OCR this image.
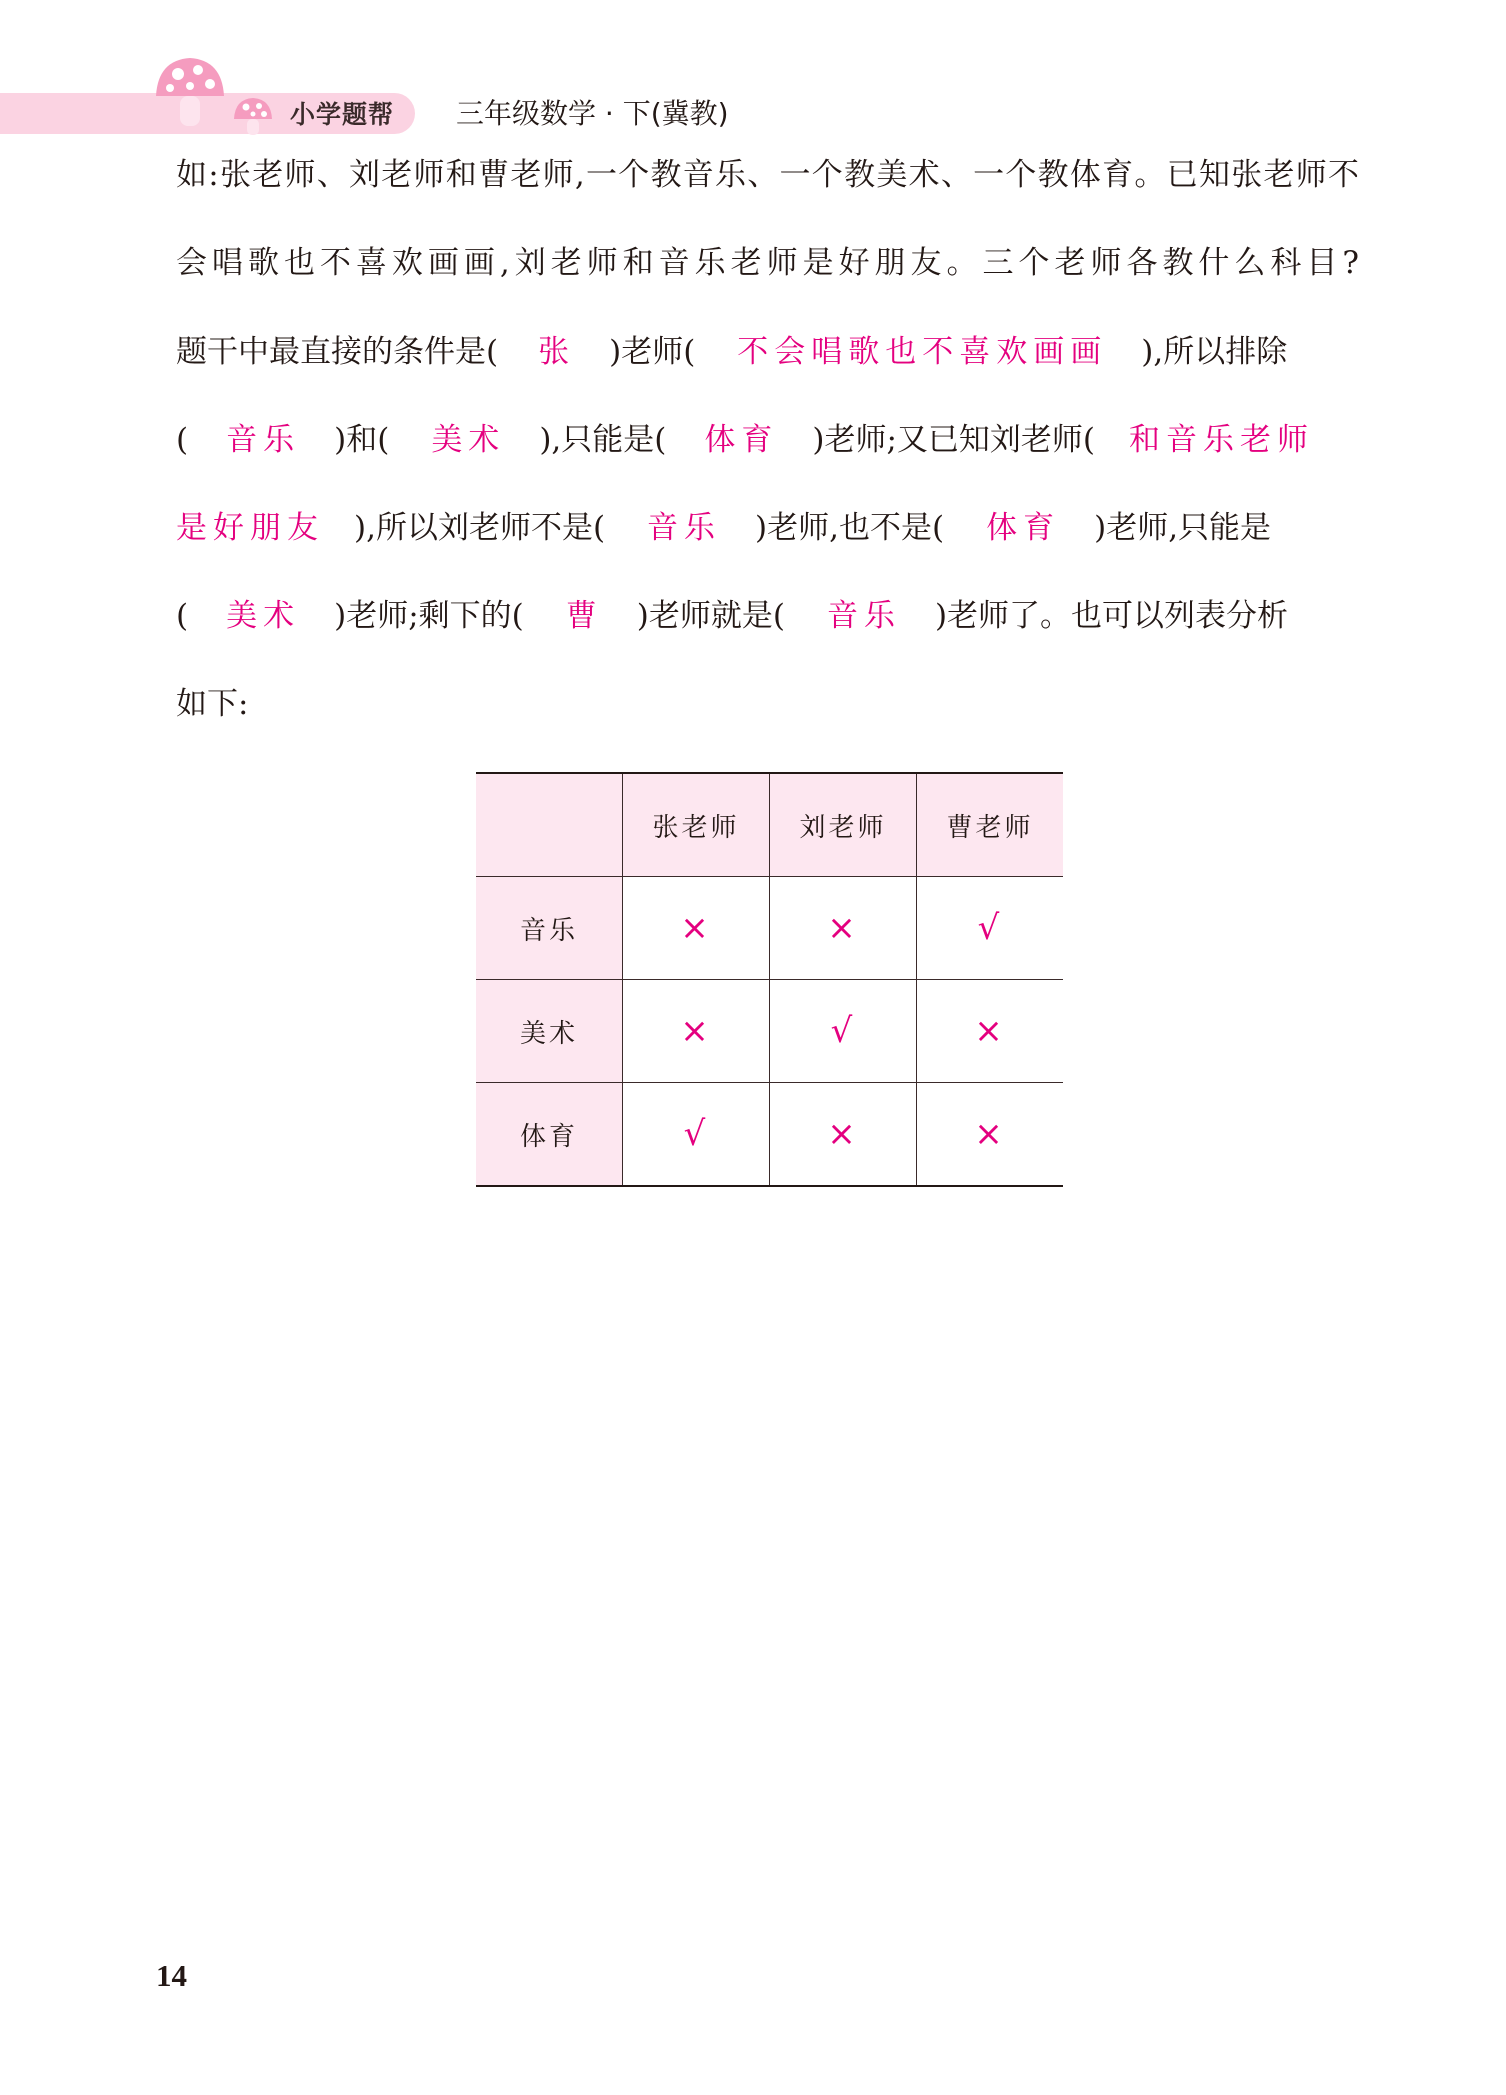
小学题帮 三年级数学 · 下(冀教)
如:张老师、刘老师和曹老师,一个教音乐、一个教美术、一个教体育。已知张老师不
会唱歌也不喜欢画画,刘老师和音乐老师是好朋友。三个老师各教什么科目?
题干中最直接的条件是( 张 )老师( 不会唱歌也不喜欢画画 ),所以排除
( 音乐 )和( 美术 ),只能是( 体育 )老师;又已知刘老师( 和音乐老师
是好朋友 ),所以刘老师不是( 音乐 )老师,也不是( 体育 )老师,只能是
( 美术 )老师;剩下的( 曹 )老师就是( 音乐 )老师了。也可以列表分析
如下:
	张老师	刘老师	曹老师
音乐	×	×	√
美术	×	√	×
体育	√	×	×
14
